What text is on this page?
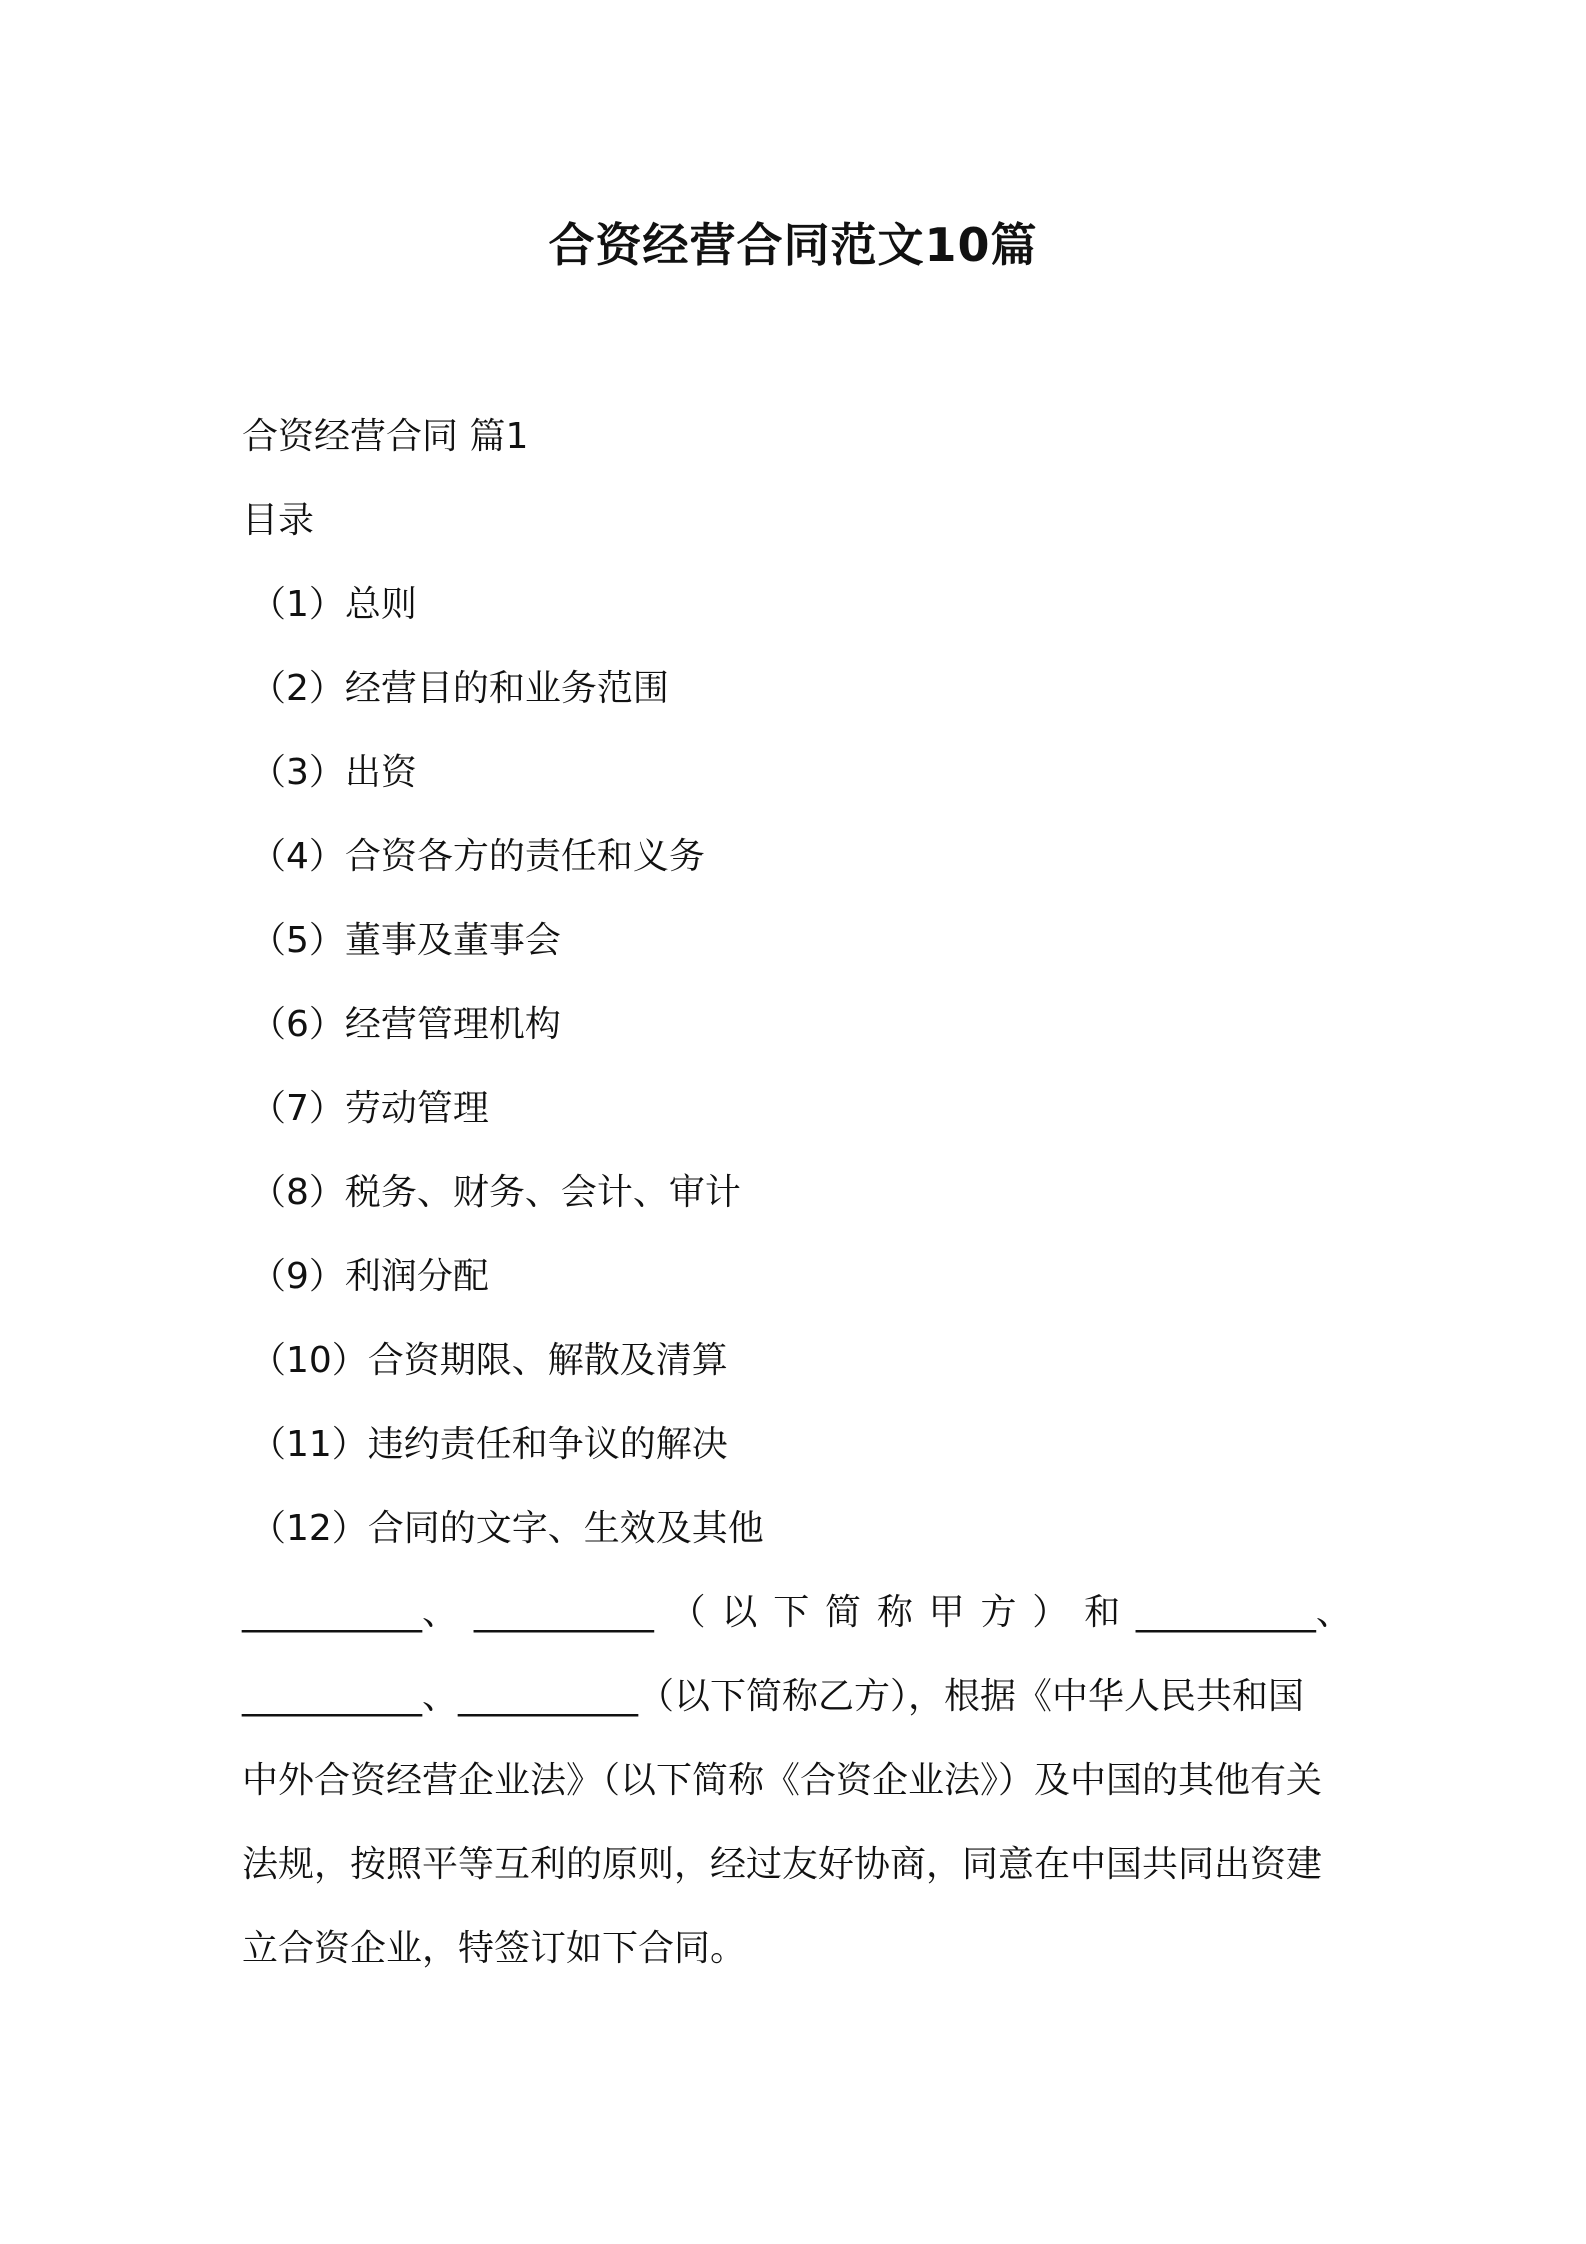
合资经营合同范文10篇
合资经营合同 篇1
目录
（1）总则
（2）经营目的和业务范围
（3）出资
（4）合资各方的责任和义务
（5）董事及董事会
（6）经营管理机构
（7）劳动管理
（8）税务、财务、会计、审计
（9）利润分配
（10）合资期限、解散及清算
（11）违约责任和争议的解决
（12）合同的文字、生效及其他
__________、 __________ （ 以 下 简 称 甲 方 ） 和 __________、
__________、__________（以下简称乙方），根据《中华人民共和国
中外合资经营企业法》（以下简称《合资企业法》）及中国的其他有关
法规，按照平等互利的原则，经过友好协商，同意在中国共同出资建
立合资企业，特签订如下合同。
